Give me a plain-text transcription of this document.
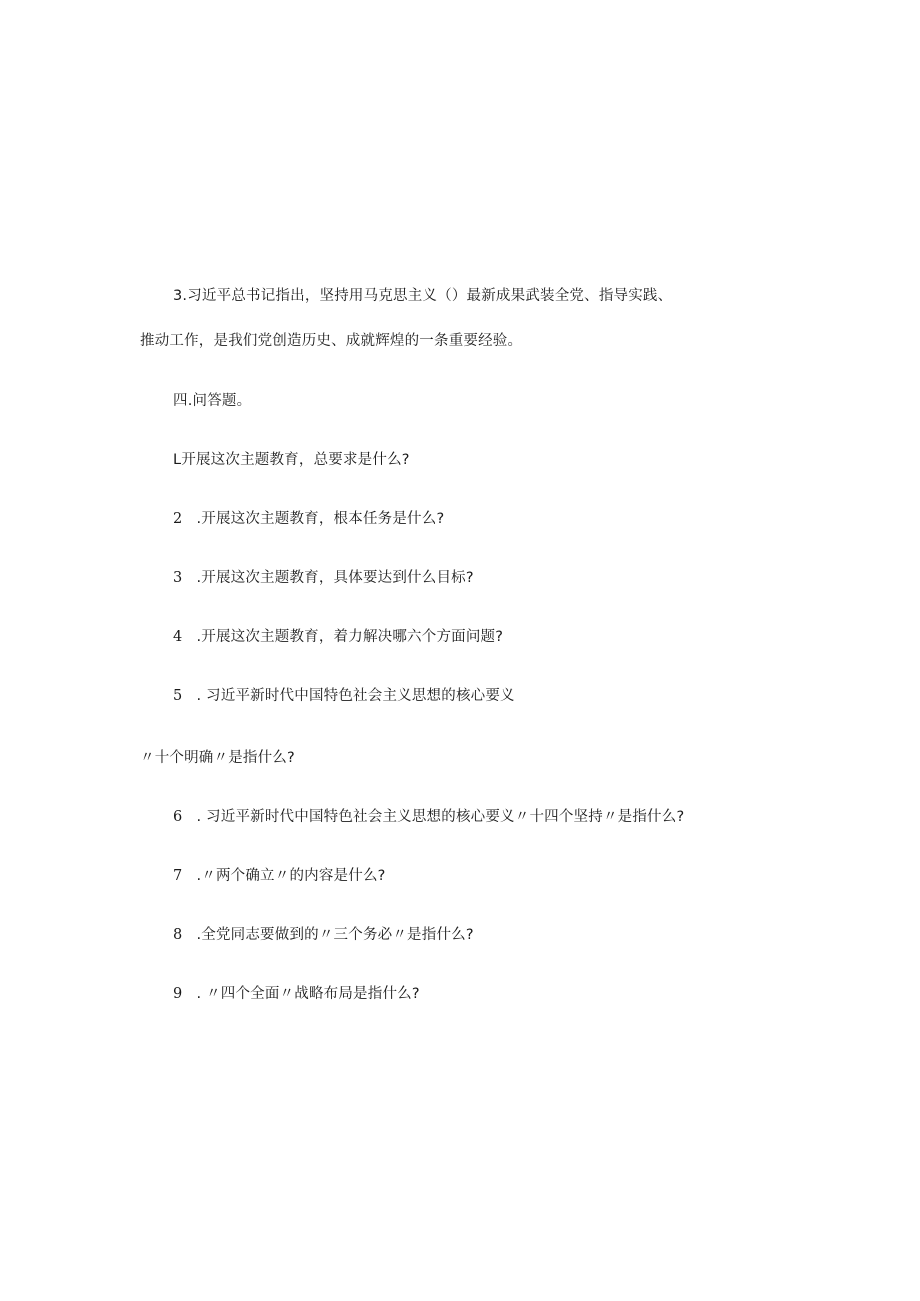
3.习近平总书记指出，坚持用马克思主义（）最新成果武装全党、指导实践、
推动工作，是我们党创造历史、成就辉煌的一条重要经验。
四.问答题。
L开展这次主题教育，总要求是什么?
2 .开展这次主题教育，根本任务是什么?
3 .开展这次主题教育，具体要达到什么目标?
4 .开展这次主题教育，着力解决哪六个方面问题?
5 . 习近平新时代中国特色社会主义思想的核心要义
〃十个明确〃是指什么?
6 . 习近平新时代中国特色社会主义思想的核心要义〃十四个坚持〃是指什么?
7 .〃两个确立〃的内容是什么?
8 .全党同志要做到的〃三个务必〃是指什么?
9 . 〃四个全面〃战略布局是指什么?
